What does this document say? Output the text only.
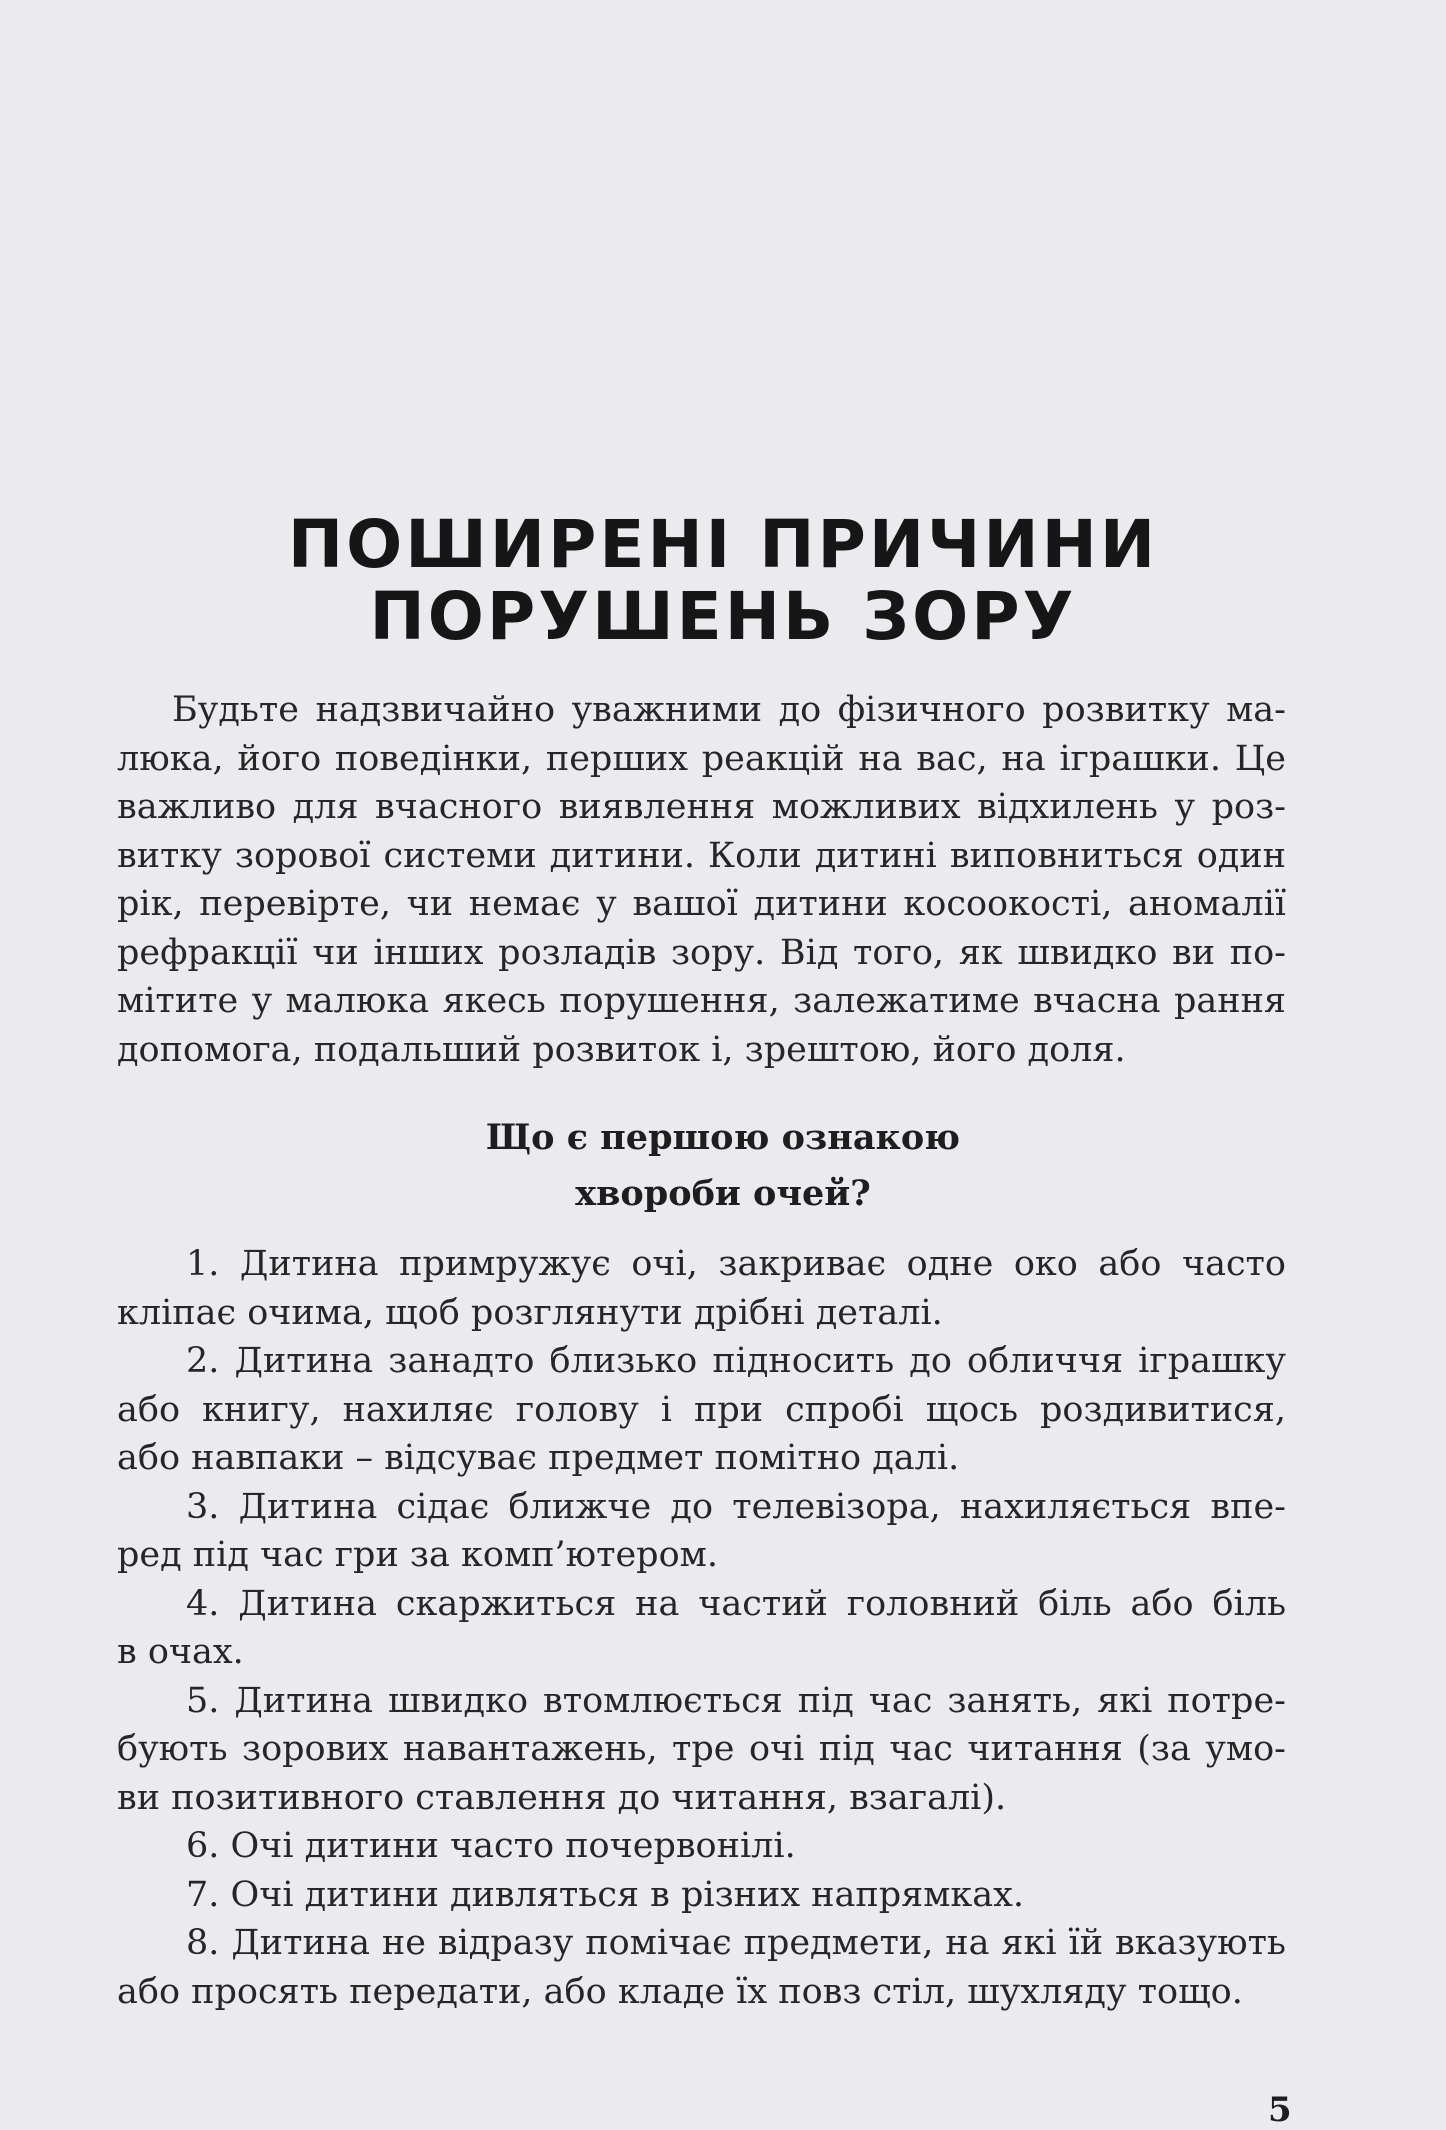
ПОШИРЕНІ ПРИЧИНИ
ПОРУШЕНЬ ЗОРУ
Будьте надзвичайно уважними до фізичного розвитку ма-
люка, його поведінки, перших реакцій на вас, на іграшки. Це
важливо для вчасного виявлення можливих відхилень у роз-
витку зорової системи дитини. Коли дитині виповниться один
рік, перевірте, чи немає у вашої дитини косоокості, аномалії
рефракції чи інших розладів зору. Від того, як швидко ви по-
мітите у малюка якесь порушення, залежатиме вчасна рання
допомога, подальший розвиток і, зрештою, його доля.
Що є першою ознакою
хвороби очей?
1. Дитина примружує очі, закриває одне око або часто
кліпає очима, щоб розглянути дрібні деталі.
2. Дитина занадто близько підносить до обличчя іграшку
або книгу, нахиляє голову і при спробі щось роздивитися,
або навпаки – відсуває предмет помітно далі.
3. Дитина сідає ближче до телевізора, нахиляється впе-
ред під час гри за комп’ютером.
4. Дитина скаржиться на частий головний біль або біль
в очах.
5. Дитина швидко втомлюється під час занять, які потре-
бують зорових навантажень, тре очі під час читання (за умо-
ви позитивного ставлення до читання, взагалі).
6. Очі дитини часто почервонілі.
7. Очі дитини дивляться в різних напрямках.
8. Дитина не відразу помічає предмети, на які їй вказують
або просять передати, або кладе їх повз стіл, шухляду тощо.
5
